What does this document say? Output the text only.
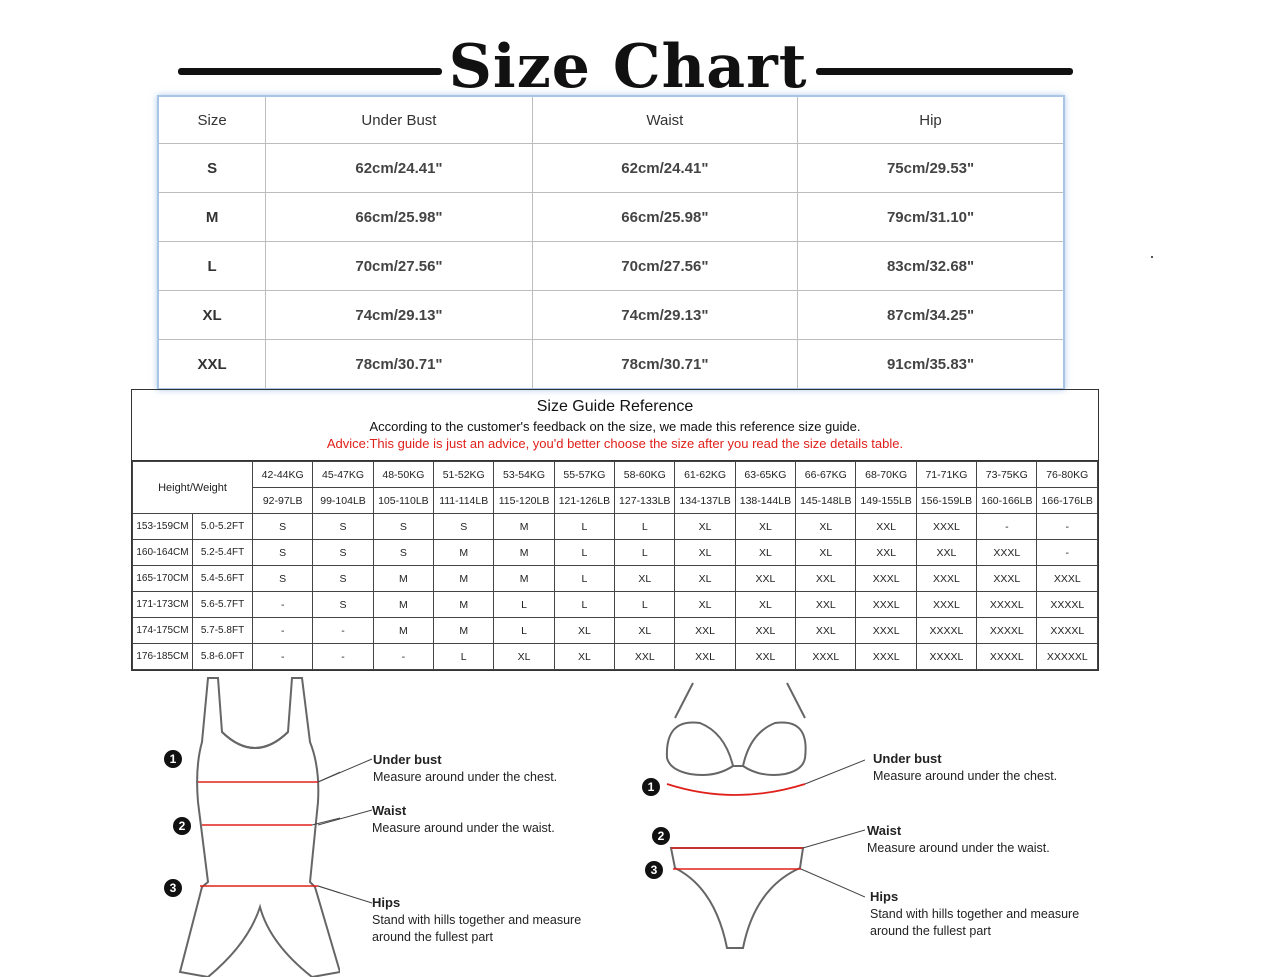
Size Chart
Size	Under Bust	Waist	Hip
S	62cm/24.41"	62cm/24.41"	75cm/29.53"
M	66cm/25.98"	66cm/25.98"	79cm/31.10"
L	70cm/27.56"	70cm/27.56"	83cm/32.68"
XL	74cm/29.13"	74cm/29.13"	87cm/34.25"
XXL	78cm/30.71"	78cm/30.71"	91cm/35.83"
Size Guide Reference
According to the customer's feedback on the size, we made this reference size guide.
Advice:This guide is just an advice, you'd better choose the size after you read the size details table.
Height/Weight		42-44KG	45-47KG	48-50KG	51-52KG	53-54KG	55-57KG	58-60KG	61-62KG	63-65KG	66-67KG	68-70KG	71-71KG	73-75KG	76-80KG
		92-97LB	99-104LB	105-110LB	111-114LB	115-120LB	121-126LB	127-133LB	134-137LB	138-144LB	145-148LB	149-155LB	156-159LB	160-166LB	166-176LB
153-159CM	5.0-5.2FT	S	S	S	S	M	L	L	XL	XL	XL	XXL	XXXL	-	-
160-164CM	5.2-5.4FT	S	S	S	M	M	L	L	XL	XL	XL	XXL	XXL	XXXL	-
165-170CM	5.4-5.6FT	S	S	M	M	M	L	XL	XL	XXL	XXL	XXXL	XXXL	XXXL	XXXL
171-173CM	5.6-5.7FT	-	S	M	M	L	L	L	XL	XL	XXL	XXXL	XXXL	XXXXL	XXXXL
174-175CM	5.7-5.8FT	-	-	M	M	L	XL	XL	XXL	XXL	XXL	XXXL	XXXXL	XXXXL	XXXXL
176-185CM	5.8-6.0FT	-	-	-	L	XL	XL	XXL	XXL	XXL	XXXL	XXXL	XXXXL	XXXXL	XXXXXL
1
2
3
Under bust
Measure around under the chest.
Waist
Measure around under the waist.
Hips
Stand with hills together and measure
around the fullest part
1
2
3
Under bust
Measure around under the chest.
Waist
Measure around under the waist.
Hips
Stand with hills together and measure
around the fullest part
